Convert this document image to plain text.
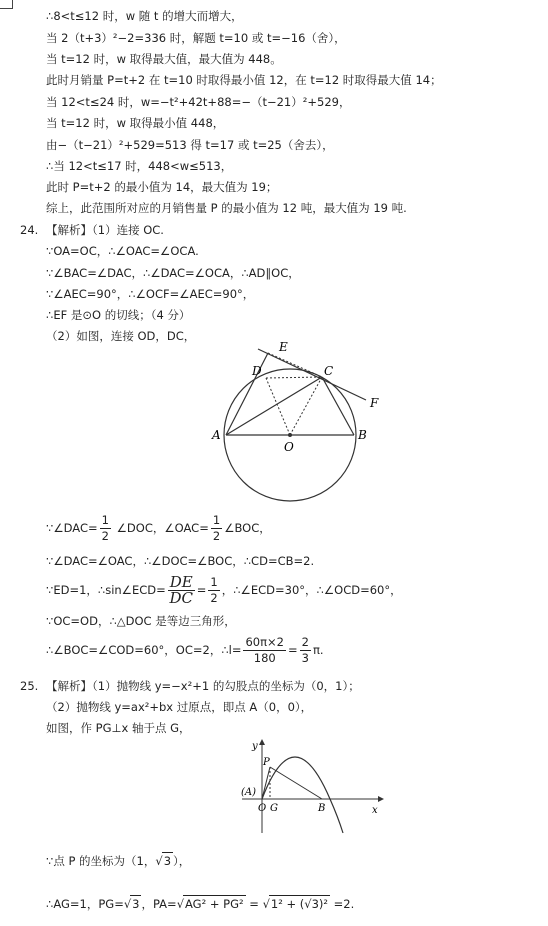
∴8<t≤12 时，w 随 t 的增大而增大，
当 2（t+3）²−2=336 时，解题 t=10 或 t=−16（舍），
当 t=12 时，w 取得最大值，最大值为 448。
此时月销量 P=t+2 在 t=10 时取得最小值 12，在 t=12 时取得最大值 14；
当 12<t≤24 时，w=−t²+42t+88=−（t−21）²+529，
当 t=12 时，w 取得最小值 448，
由−（t−21）²+529=513 得 t=17 或 t=25（舍去），
∴当 12<t≤17 时，448<w≤513，
此时 P=t+2 的最小值为 14，最大值为 19；
综上，此范围所对应的月销售量 P 的最小值为 12 吨，最大值为 19 吨.
24. 【解析】（1）连接 OC.
∵OA=OC，∴∠OAC=∠OCA.
∵∠BAC=∠DAC，∴∠DAC=∠OCA，∴AD∥OC，
∵∠AEC=90°，∴∠OCF=∠AEC=90°，
∴EF 是⊙O 的切线；（4 分）
（2）如图，连接 OD，DC，
E
D	C
F
A
O
B
∵∠DAC= $\frac{1}{2}$ ∠DOC，∠OAC= $\frac{1}{2}$ ∠BOC，
∵∠DAC=∠OAC，∴∠DOC=∠BOC，∴CD=CB=2.
∵ED=1，∴sin∠ECD= $\frac{DE}{DC} = \frac{1}{2}$ ，∴∠ECD=30°，∴∠OCD=60°，
∵OC=OD，∴△DOC 是等边三角形，
∴∠BOC=∠COD=60°，OC=2，∴l= $\frac{60\pi\times 2}{180} = \frac{2}{3} \pi$.
25. 【解析】（1）抛物线 y=−x²+1 的勾股点的坐标为（0，1）；
（2）抛物线 y=ax²+bx 过原点，即点 A（0，0），
如图，作 PG⊥x 轴于点 G，
y
P
(A)
O G	B	x
∵点 P 的坐标为（1，√3 ），
∴AG=1，PG=√3 ，PA=√AG² + PG² = √1² + (√3)² =2.
